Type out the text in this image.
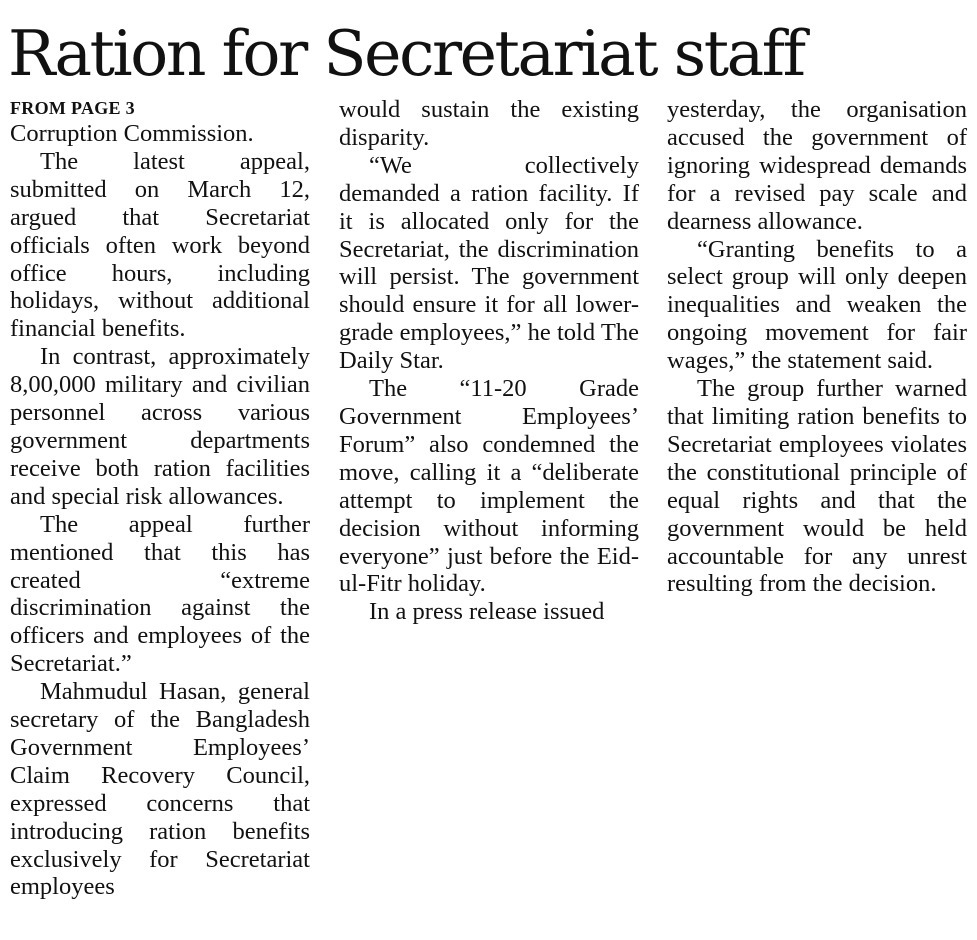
Ration for Secretariat staff

FROM PAGE 3

Corruption Commission.

The latest appeal, submitted on March 12, argued that Secretariat officials often work beyond office hours, including holidays, without additional financial benefits.

In contrast, approximately 8,00,000 military and civilian personnel across various government departments receive both ration facilities and special risk allowances.

The appeal further mentioned that this has created “extreme discrimination against the officers and employees of the Secretariat.”

Mahmudul Hasan, general secretary of the Bangladesh Government Employees’ Claim Recovery Council, expressed concerns that introducing ration benefits exclusively for Secretariat employees

would sustain the existing disparity.

“We collectively demanded a ration facility. If it is allocated only for the Secretariat, the discrimination will persist. The government should ensure it for all lower-grade employees,” he told The Daily Star.

The “11-20 Grade Government Employees’ Forum” also condemned the move, calling it a “deliberate attempt to implement the decision without informing everyone” just before the Eid-ul-Fitr holiday.

In a press release issued

yesterday, the organisation accused the government of ignoring widespread demands for a revised pay scale and dearness allowance.

“Granting benefits to a select group will only deepen inequalities and weaken the ongoing movement for fair wages,” the statement said.

The group further warned that limiting ration benefits to Secretariat employees violates the constitutional principle of equal rights and that the government would be held accountable for any unrest resulting from the decision.
